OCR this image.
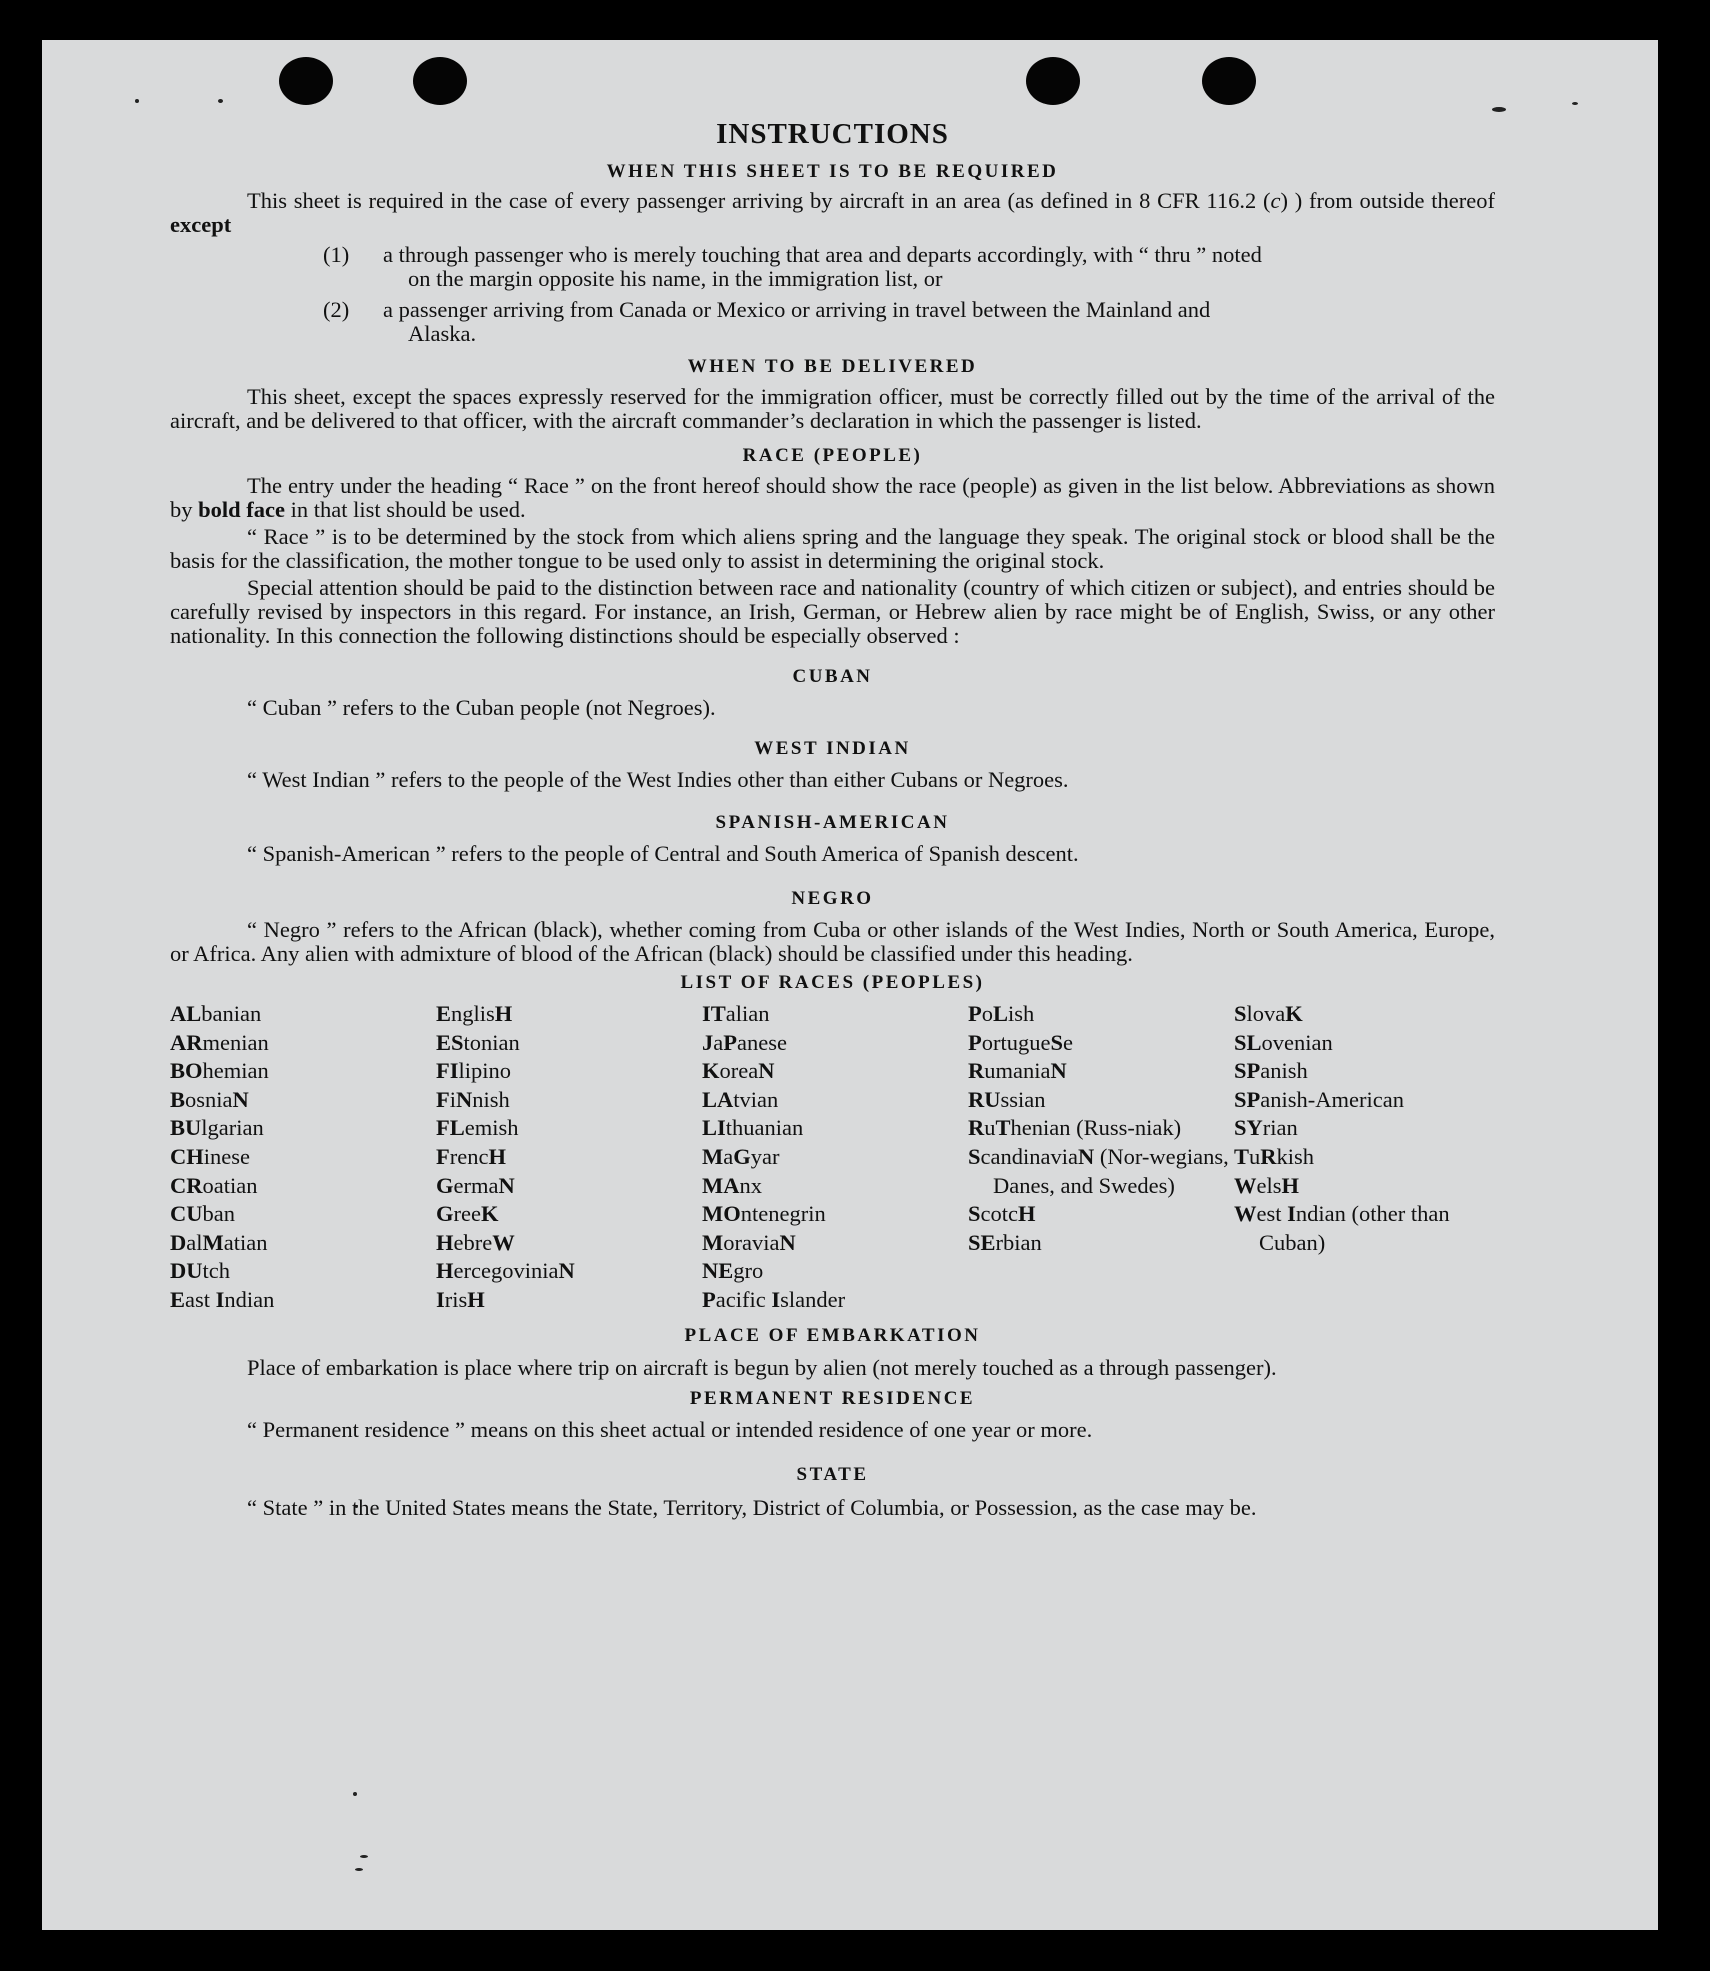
INSTRUCTIONS
WHEN THIS SHEET IS TO BE REQUIRED

This sheet is required in the case of every passenger arriving by aircraft in an area (as defined in 8 CFR 116.2 (c) ) from outside thereof except

(1)	a through passenger who is merely touching that area and departs accordingly, with “ thru ” noted
on the margin opposite his name, in the immigration list, or
(2)	a passenger arriving from Canada or Mexico or arriving in travel between the Mainland and
Alaska.
WHEN TO BE DELIVERED

This sheet, except the spaces expressly reserved for the immigration officer, must be correctly filled out by the time of the arrival of the aircraft, and be delivered to that officer, with the aircraft commander’s declaration in which the passenger is listed.

RACE (PEOPLE)

The entry under the heading “ Race ” on the front hereof should show the race (people) as given in the list below. Abbreviations as shown by bold face in that list should be used.

“ Race ” is to be determined by the stock from which aliens spring and the language they speak. The original stock or blood shall be the basis for the classification, the mother tongue to be used only to assist in determining the original stock.

Special attention should be paid to the distinction between race and nationality (country of which citizen or subject), and entries should be carefully revised by inspectors in this regard. For instance, an Irish, German, or Hebrew alien by race might be of English, Swiss, or any other nationality. In this connection the following distinctions should be especially observed :

CUBAN

“ Cuban ” refers to the Cuban people (not Negroes).

WEST INDIAN

“ West Indian ” refers to the people of the West Indies other than either Cubans or Negroes.

SPANISH-AMERICAN

“ Spanish-American ” refers to the people of Central and South America of Spanish descent.

NEGRO

“ Negro ” refers to the African (black), whether coming from Cuba or other islands of the West Indies, North or South America, Europe, or Africa. Any alien with admixture of blood of the African (black) should be classified under this heading.

LIST OF RACES (PEOPLES)
ALbanian
ARmenian
BOhemian
BosniaN
BUlgarian
CHinese
CRoatian
CUban
DalMatian
DUtch
East Indian
EnglisH
EStonian
FIlipino
FiNnish
FLemish
FrencH
GermaN
GreeK
HebreW
HercegoviniaN
IrisH
ITalian
JaPanese
KoreaN
LAtvian
LIthuanian
MaGyar
MAnx
MOntenegrin
MoraviaN
NEgro
Pacific Islander
PoLish
PortugueSe
RumaniaN
RUssian
RuThenian (Russ-niak)
ScandinaviaN (Nor-wegians, Danes, and Swedes)
ScotcH
SErbian
SlovaK
SLovenian
SPanish
SPanish-American
SYrian
TuRkish
WelsH
West Indian (other than Cuban)
PLACE OF EMBARKATION

Place of embarkation is place where trip on aircraft is begun by alien (not merely touched as a through passenger).

PERMANENT RESIDENCE

“ Permanent residence ” means on this sheet actual or intended residence of one year or more.

STATE

“ State ” in the United States means the State, Territory, District of Columbia, or Possession, as the case may be.
